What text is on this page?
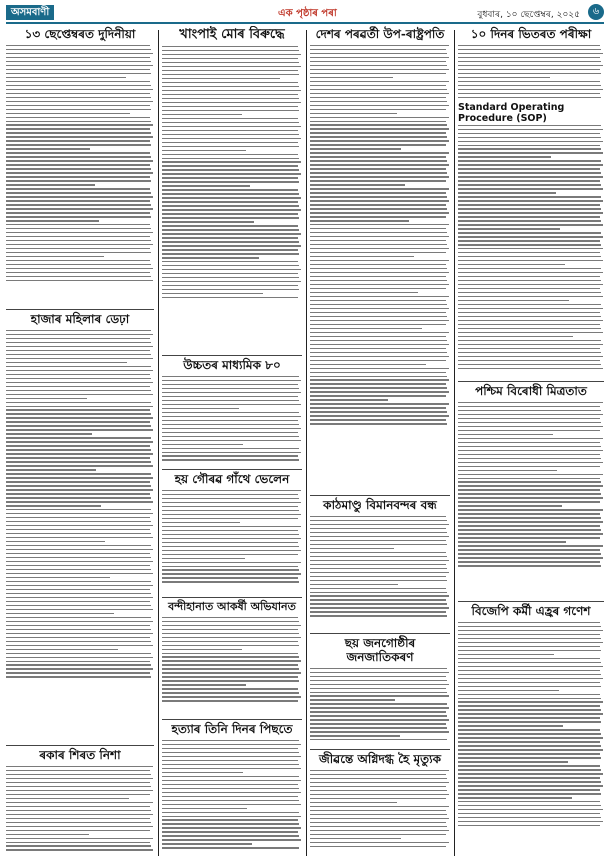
অসমবাণী	এক পৃষ্ঠাৰ পৰা	বুধবাৰ, ১০ ছেপ্তেম্বৰ, ২০২৫	৬
১৩ ছেপ্তেম্বৰত দুদিনীয়া
হাজাৰ মহিলাৰ ডেঢ়া
ৰকাৰ শিৰত নিশা
খাংপাই মোৰ বিৰুদ্ধে
উচ্চতৰ মাধ্যমিক ৮০
হয় গৌৰৱ গাঁথে ভেলেন
বন্দীহানাত আকৰ্ষী অভিযানত
হত্যাৰ তিনি দিনৰ পিছতে
দেশৰ পৰৱৰ্তী উপ-ৰাষ্ট্ৰপতি
কাঠমাণ্ডু বিমানবন্দৰ বন্ধ
ছয় জনগোষ্ঠীৰ জনজাতিকৰণ
জীৱন্তে অগ্নিদগ্ধ হৈ মৃত্যুক
১০ দিনৰ ভিতৰত পৰীক্ষা
Standard Operating Procedure (SOP)
পশ্চিম বিৰোধী মিত্ৰতাত
বিজেপি কৰ্মী এহ্ৰৰ গণেশ
